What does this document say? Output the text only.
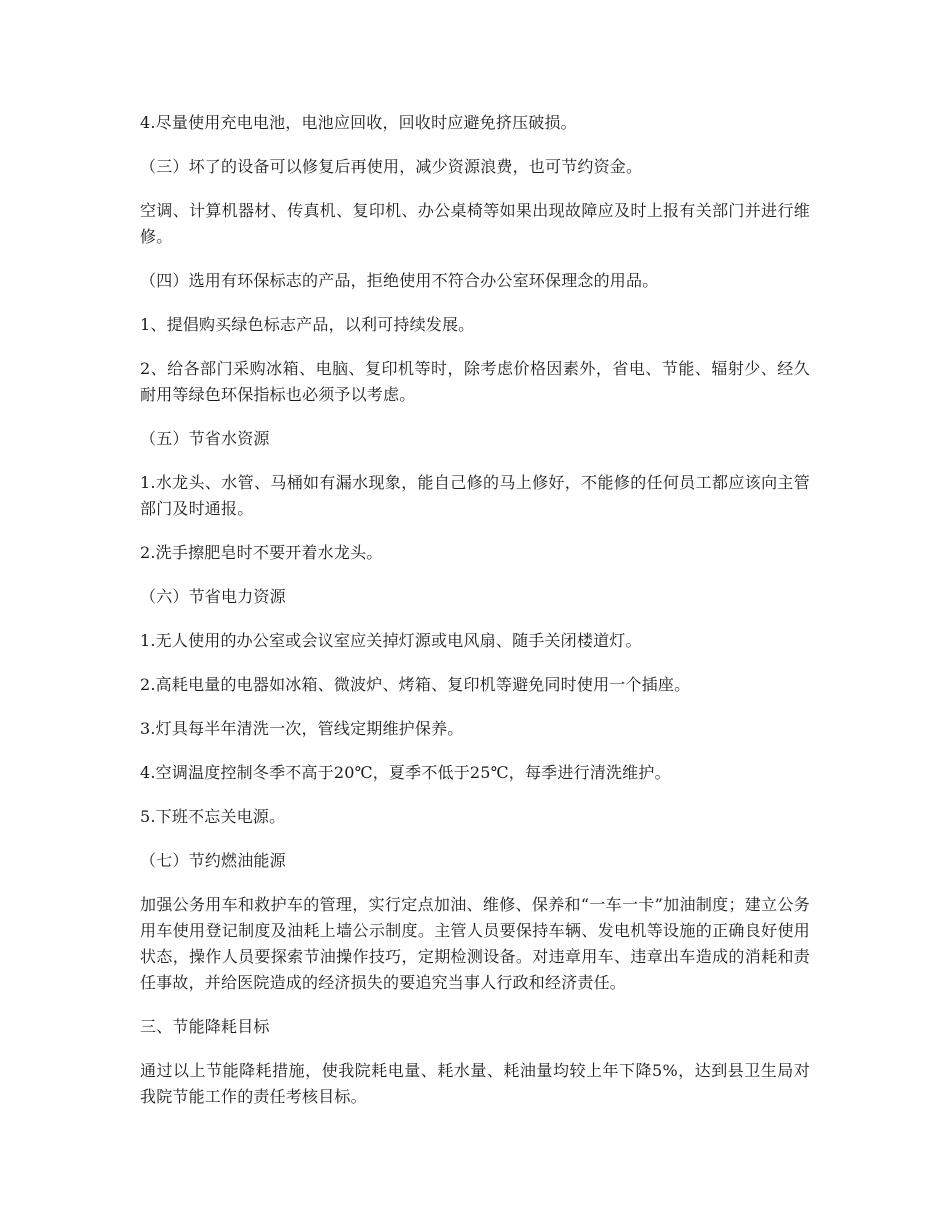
4.尽量使用充电电池，电池应回收，回收时应避免挤压破损。

（三）坏了的设备可以修复后再使用，减少资源浪费，也可节约资金。

空调、计算机器材、传真机、复印机、办公桌椅等如果出现故障应及时上报有关部门并进行维修。

（四）选用有环保标志的产品，拒绝使用不符合办公室环保理念的用品。

1、提倡购买绿色标志产品，以利可持续发展。

2、给各部门采购冰箱、电脑、复印机等时，除考虑价格因素外，省电、节能、辐射少、经久耐用等绿色环保指标也必须予以考虑。

（五）节省水资源

1.水龙头、水管、马桶如有漏水现象，能自己修的马上修好，不能修的任何员工都应该向主管部门及时通报。

2.洗手擦肥皂时不要开着水龙头。

（六）节省电力资源

1.无人使用的办公室或会议室应关掉灯源或电风扇、随手关闭楼道灯。

2.高耗电量的电器如冰箱、微波炉、烤箱、复印机等避免同时使用一个插座。

3.灯具每半年清洗一次，管线定期维护保养。

4.空调温度控制冬季不高于20℃，夏季不低于25℃，每季进行清洗维护。

5.下班不忘关电源。

（七）节约燃油能源

加强公务用车和救护车的管理，实行定点加油、维修、保养和“一车一卡”加油制度；建立公务用车使用登记制度及油耗上墙公示制度。主管人员要保持车辆、发电机等设施的正确良好使用状态，操作人员要探索节油操作技巧，定期检测设备。对违章用车、违章出车造成的消耗和责任事故，并给医院造成的经济损失的要追究当事人行政和经济责任。

三、节能降耗目标

通过以上节能降耗措施，使我院耗电量、耗水量、耗油量均较上年下降5%，达到县卫生局对我院节能工作的责任考核目标。
